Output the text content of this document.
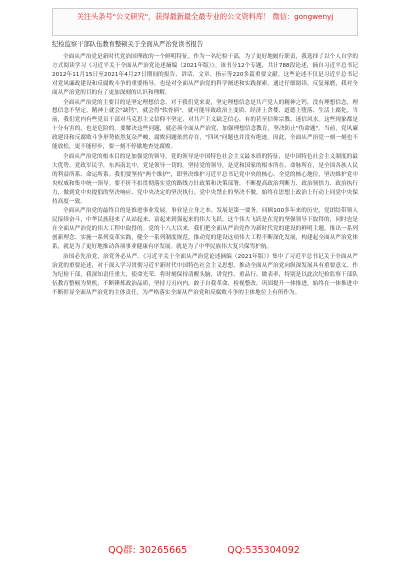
关注头条号"公文研究"，获得最新最全最专业的公文资料库！ 微信：gongwenyj
纪检监察干部队伍教育整顿关于全面从严治党读书报告

全面从严治党是新时代党治国理政的一个鲜明特征。作为一名纪检干部，为了更好地履行职责，我选择了以个人自学的方式阅读学习《习近平关于全面从严治党论述摘编（2021年版）》。该书分12个专题，共计788段论述，摘自习近平总书记2012年11月15日至2021年4月27日期间的报告、讲话、文章、指示等220多篇重要文献。这些论述不仅是习近平总书记对党风廉政建设和反腐败斗争的重要指导，也是对全面从严治党的科学阐述和实践探索。通过仔细阅读、反复琢磨，我对全面从严治党的目的有了更加深刻的认识和理解。

全面从严治党的主要目的是坚定理想信念。对于我们党来说，坚定理想信念是共产党人的精神之钙。没有理想信念，理想信念不坚定，精神上就会"缺钙"，就会得"软骨病"，就可能导致政治上变质、经济上贪婪、道德上堕落、生活上腐化。当前，我们党内有些党员干部对马克思主义信仰不坚定、对共产主义缺乏信心，有的甚至信仰宗教、迷信风水。这些现象都是十分有害的，也是危险的。要解决这些问题，就必须全面从严治党，加强理想信念教育，坚决防止"伪命题"。当前，党风廉政建设和反腐败斗争形势依然复杂严峻，腐败问题依然存在，"四风"问题也并没有绝迹。因此，全面从严治党一刻一刻也不能放松，更不能停步，要一刻不停歇地查处腐败。

全面从严治党的根本目的是加强党的领导。党的领导是中国特色社会主义最本质的特征，是中国特色社会主义制度的最大优势。党政军民学，东西南北中，党是领导一切的。坚持党的领导，是党和国家的根本所在、命脉所在，是全国各族人民的利益所系、命运所系。我们要坚持"两个维护"，即坚决维护习近平总书记党中央的核心、全党的核心地位，坚决维护党中央权威和集中统一领导。要不折不扣贯彻落实党的路线方针政策和决策部署，不断提高政治判断力、政治领悟力、政治执行力，做到党中央提倡的坚决响应、党中央决定的坚决执行、党中央禁止的坚决不做，始终在思想上政治上行动上同党中央保持高度一致。

全面从严治党的最终目的是推进事业发展。事业是立身之本。发展是第一要务。回顾100多年来的历史，党团结带领人民接续奋斗，中华民族迎来了从站起来、富起来到强起来的伟大飞跃，这个伟大飞跃是在党的坚强领导下取得的，同时也是在全面从严治党的伟大工程中取得的。党的十八大以来，我们把全面从严治党作为新时代党的建设的鲜明主题，推出一系列创新理念、实施一系列变革实践，健全一系列制度规范，推动党的建设这项伟大工程不断深化发展，构建起全面从严治党体系，就是为了更好地推动各项事业健康有序发展。就是为了中华民族伟大复兴保驾护航。

治国必先治党，治党务必从严。《习近平关于全面从严治党论述摘编（2021年版）》集中了习近平总书记关于全面从严治党的重要论述，对于深入学习贯彻习近平新时代中国特色社会主义思想，推动全面从严治党向纵深发展具有重要意义。作为纪检干部，我深知责任重大，使命光荣，将时刻保持清醒头脑，讲党性、重品行、做表率，特别是以此次纪检监察干部队伍教育整顿为契机，不断锤炼政治品质，坚持刀刃向内，敢于自我革命、检视整改，巩固提升一体推进，始终在一体推进中不断彰显全面从严治党的主体责任，为严格落实全面从严治党和反腐败斗争的主体地位上有所作为。

QQ群: 30265665	QQ:535304092
